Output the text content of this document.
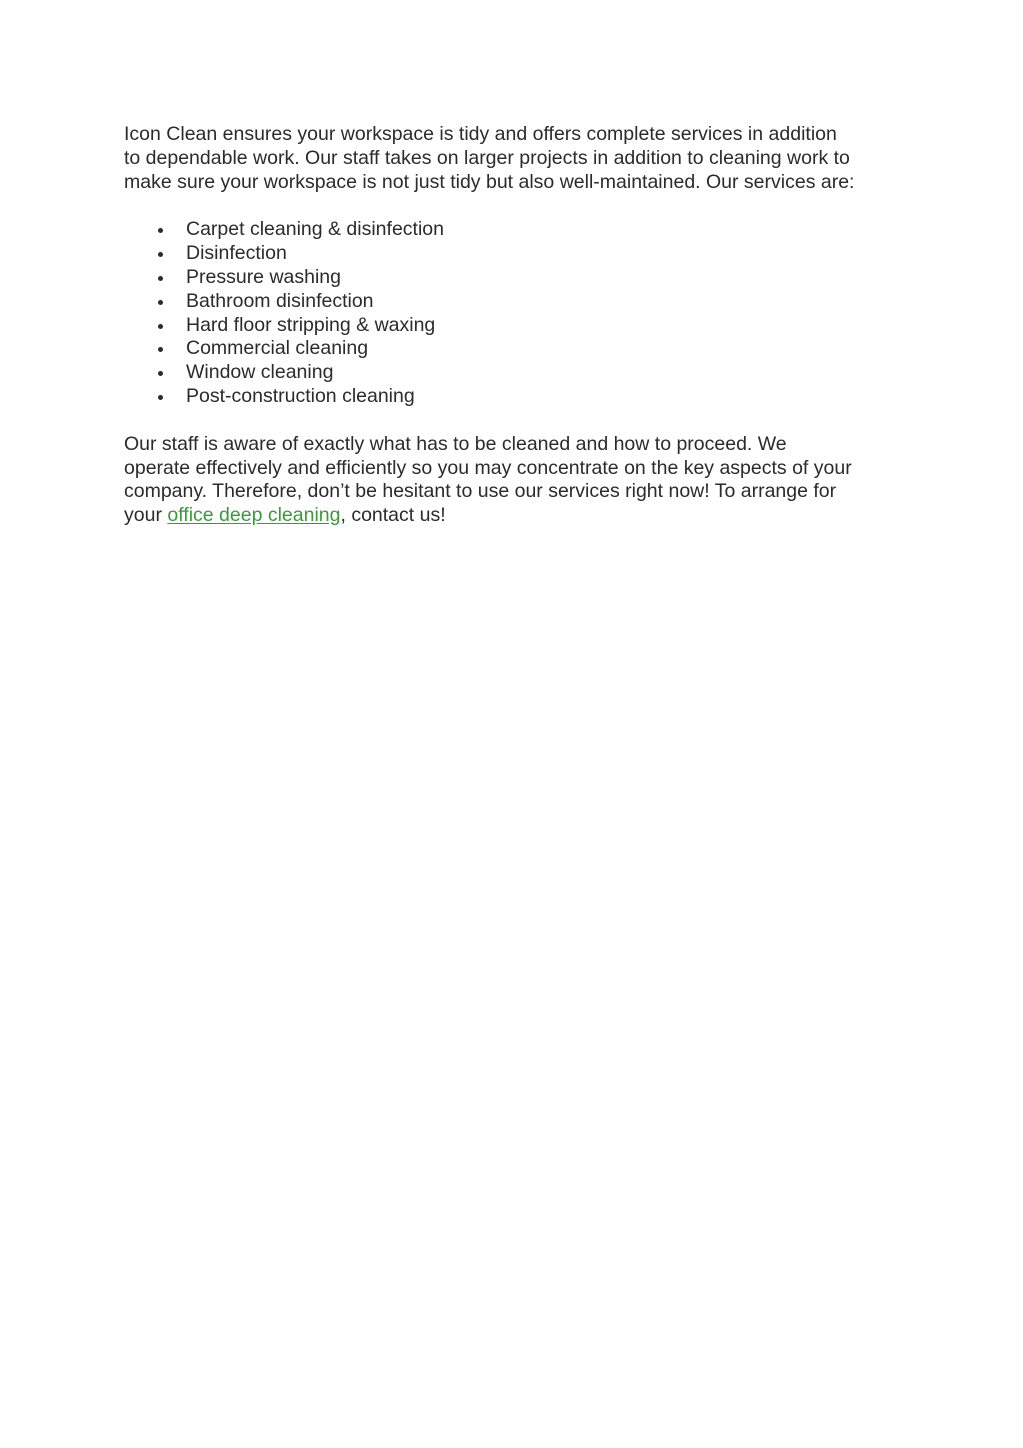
Icon Clean ensures your workspace is tidy and offers complete services in addition
to dependable work. Our staff takes on larger projects in addition to cleaning work to
make sure your workspace is not just tidy but also well-maintained. Our services are:

Carpet cleaning & disinfection
Disinfection
Pressure washing
Bathroom disinfection
Hard floor stripping & waxing
Commercial cleaning
Window cleaning
Post-construction cleaning

Our staff is aware of exactly what has to be cleaned and how to proceed. We
operate effectively and efficiently so you may concentrate on the key aspects of your
company. Therefore, don’t be hesitant to use our services right now! To arrange for
your office deep cleaning, contact us!
